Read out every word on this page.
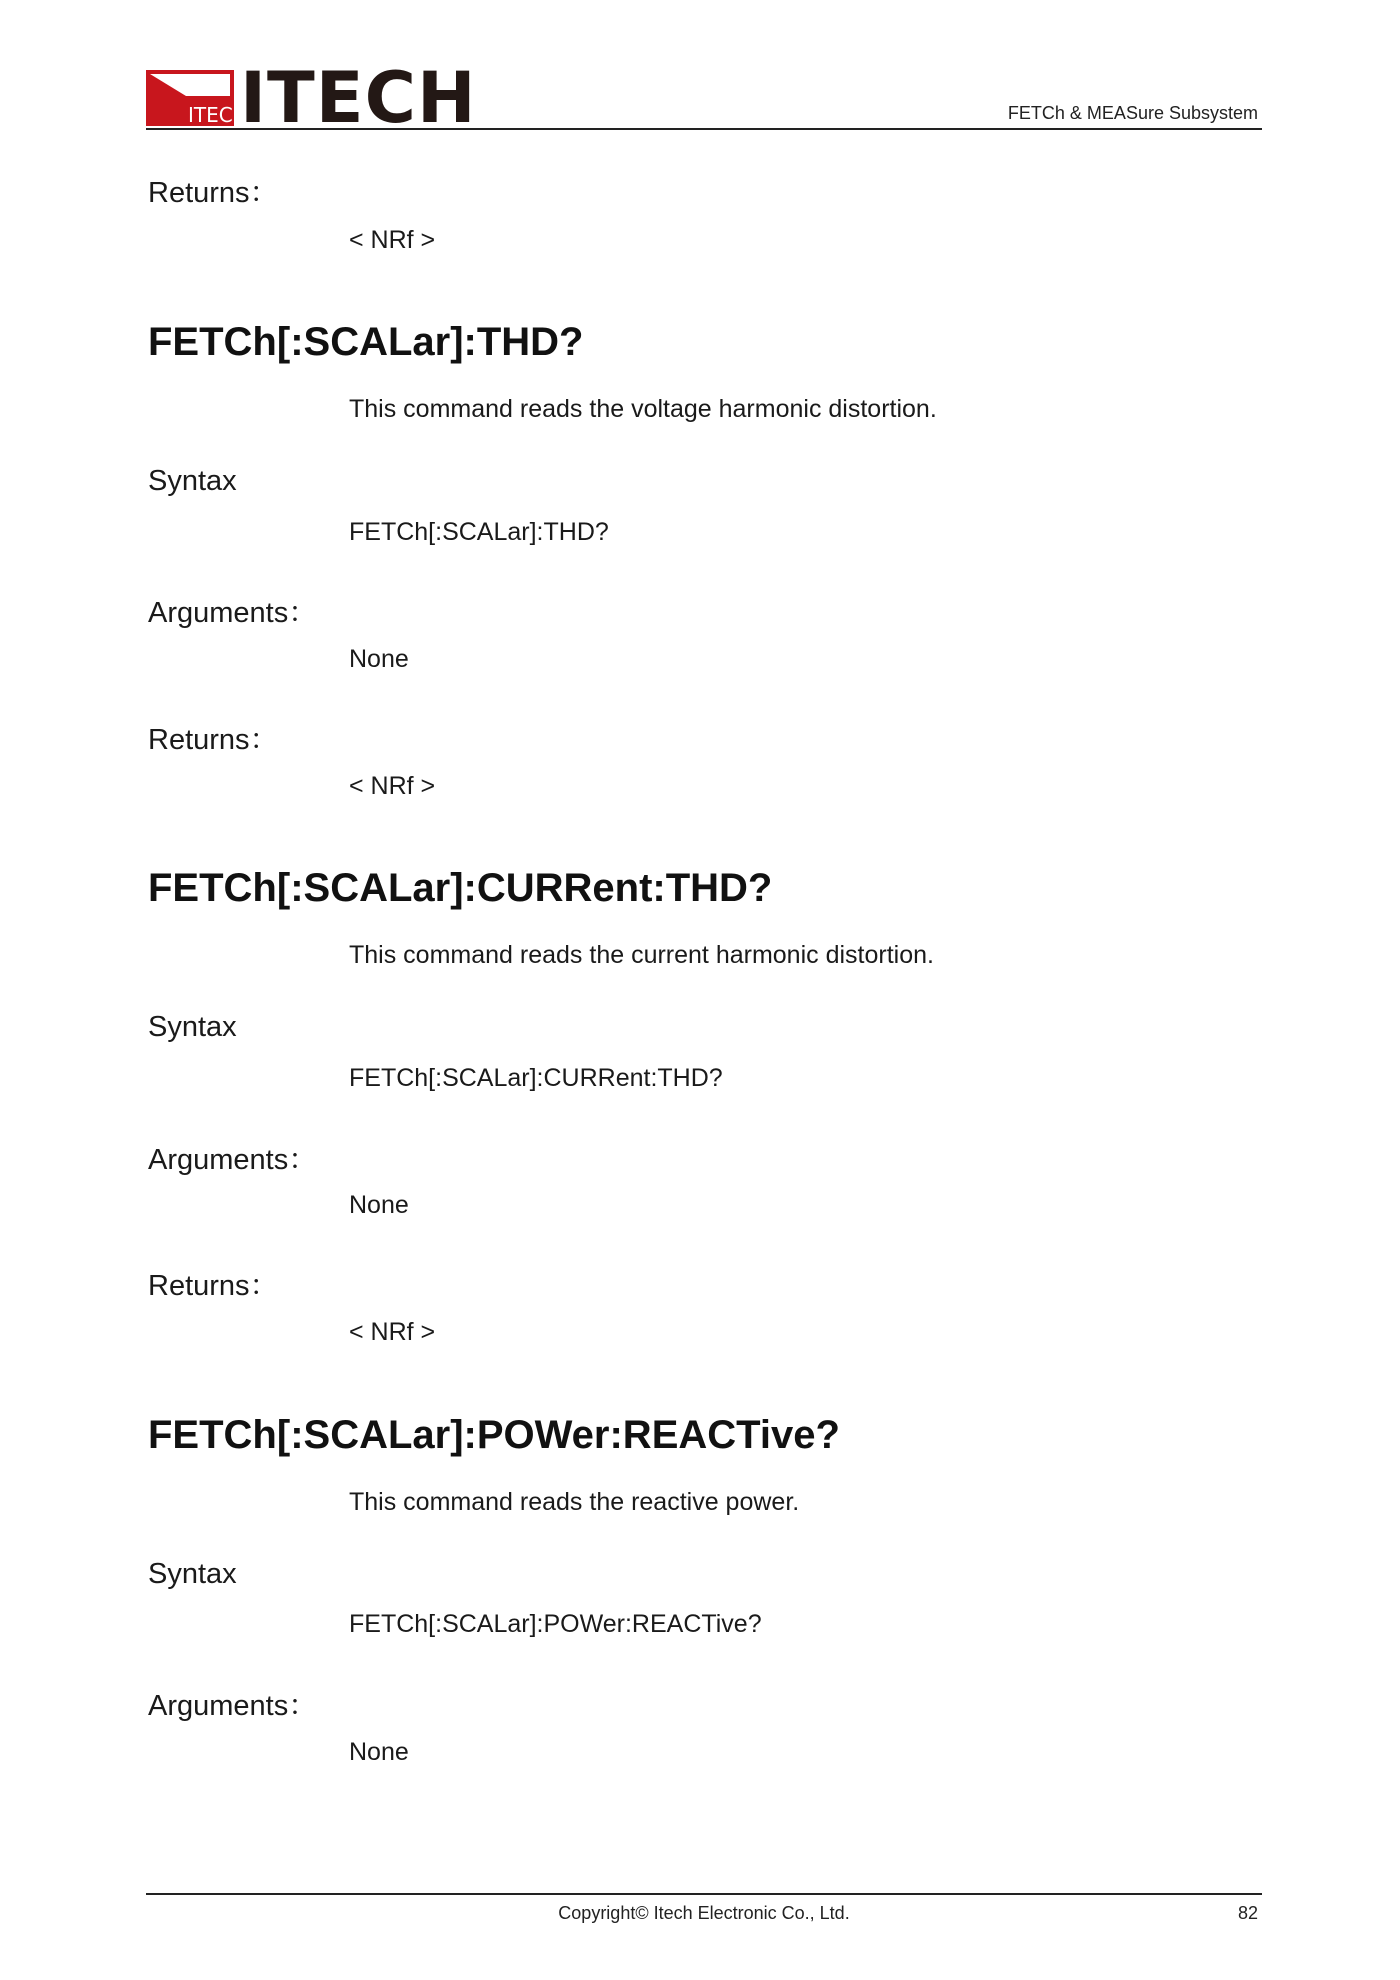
ITECH
ITECH	FETCh & MEASure Subsystem
Returns：
< NRf >
FETCh[:SCALar]:THD?
This command reads the voltage harmonic distortion.
Syntax
FETCh[:SCALar]:THD?
Arguments：
None
Returns：
< NRf >
FETCh[:SCALar]:CURRent:THD?
This command reads the current harmonic distortion.
Syntax
FETCh[:SCALar]:CURRent:THD?
Arguments：
None
Returns：
< NRf >
FETCh[:SCALar]:POWer:REACTive?
This command reads the reactive power.
Syntax
FETCh[:SCALar]:POWer:REACTive?
Arguments：
None
Copyright© Itech Electronic Co., Ltd.	82
